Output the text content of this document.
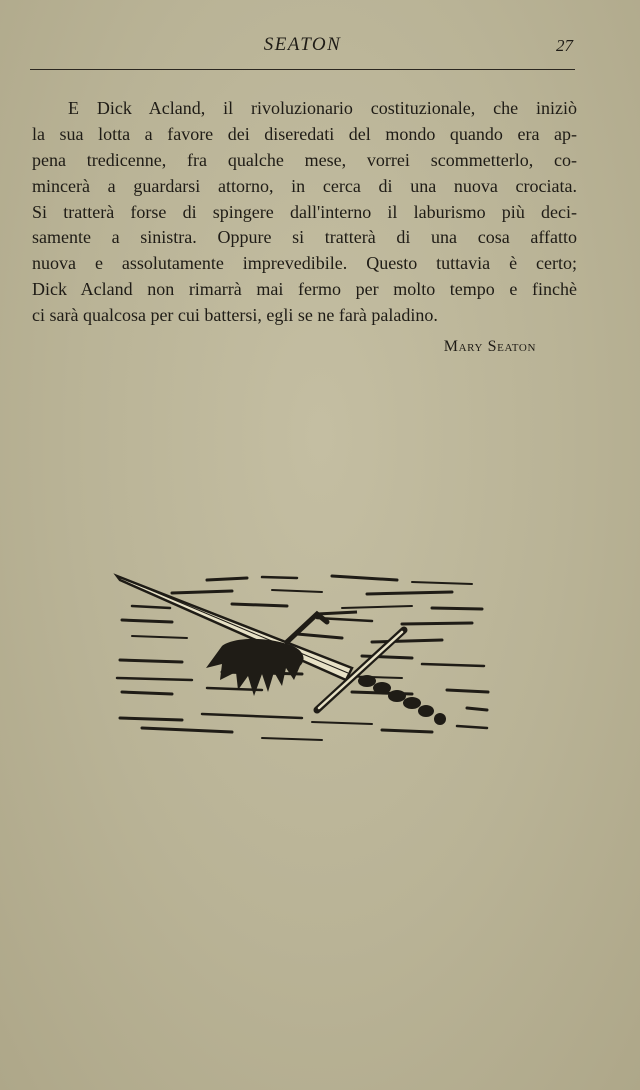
SEATON	27
E Dick Acland, il rivoluzionario costituzionale, che iniziò
la sua lotta a favore dei diseredati del mondo quando era ap-
pena tredicenne, fra qualche mese, vorrei scommetterlo, co-
mincerà a guardarsi attorno, in cerca di una nuova crociata.
Si tratterà forse di spingere dall'interno il laburismo più deci-
samente a sinistra. Oppure si tratterà di una cosa affatto
nuova e assolutamente imprevedibile. Questo tuttavia è certo;
Dick Acland non rimarrà mai fermo per molto tempo e finchè
ci sarà qualcosa per cui battersi, egli se ne farà paladino.
Mary Seaton
